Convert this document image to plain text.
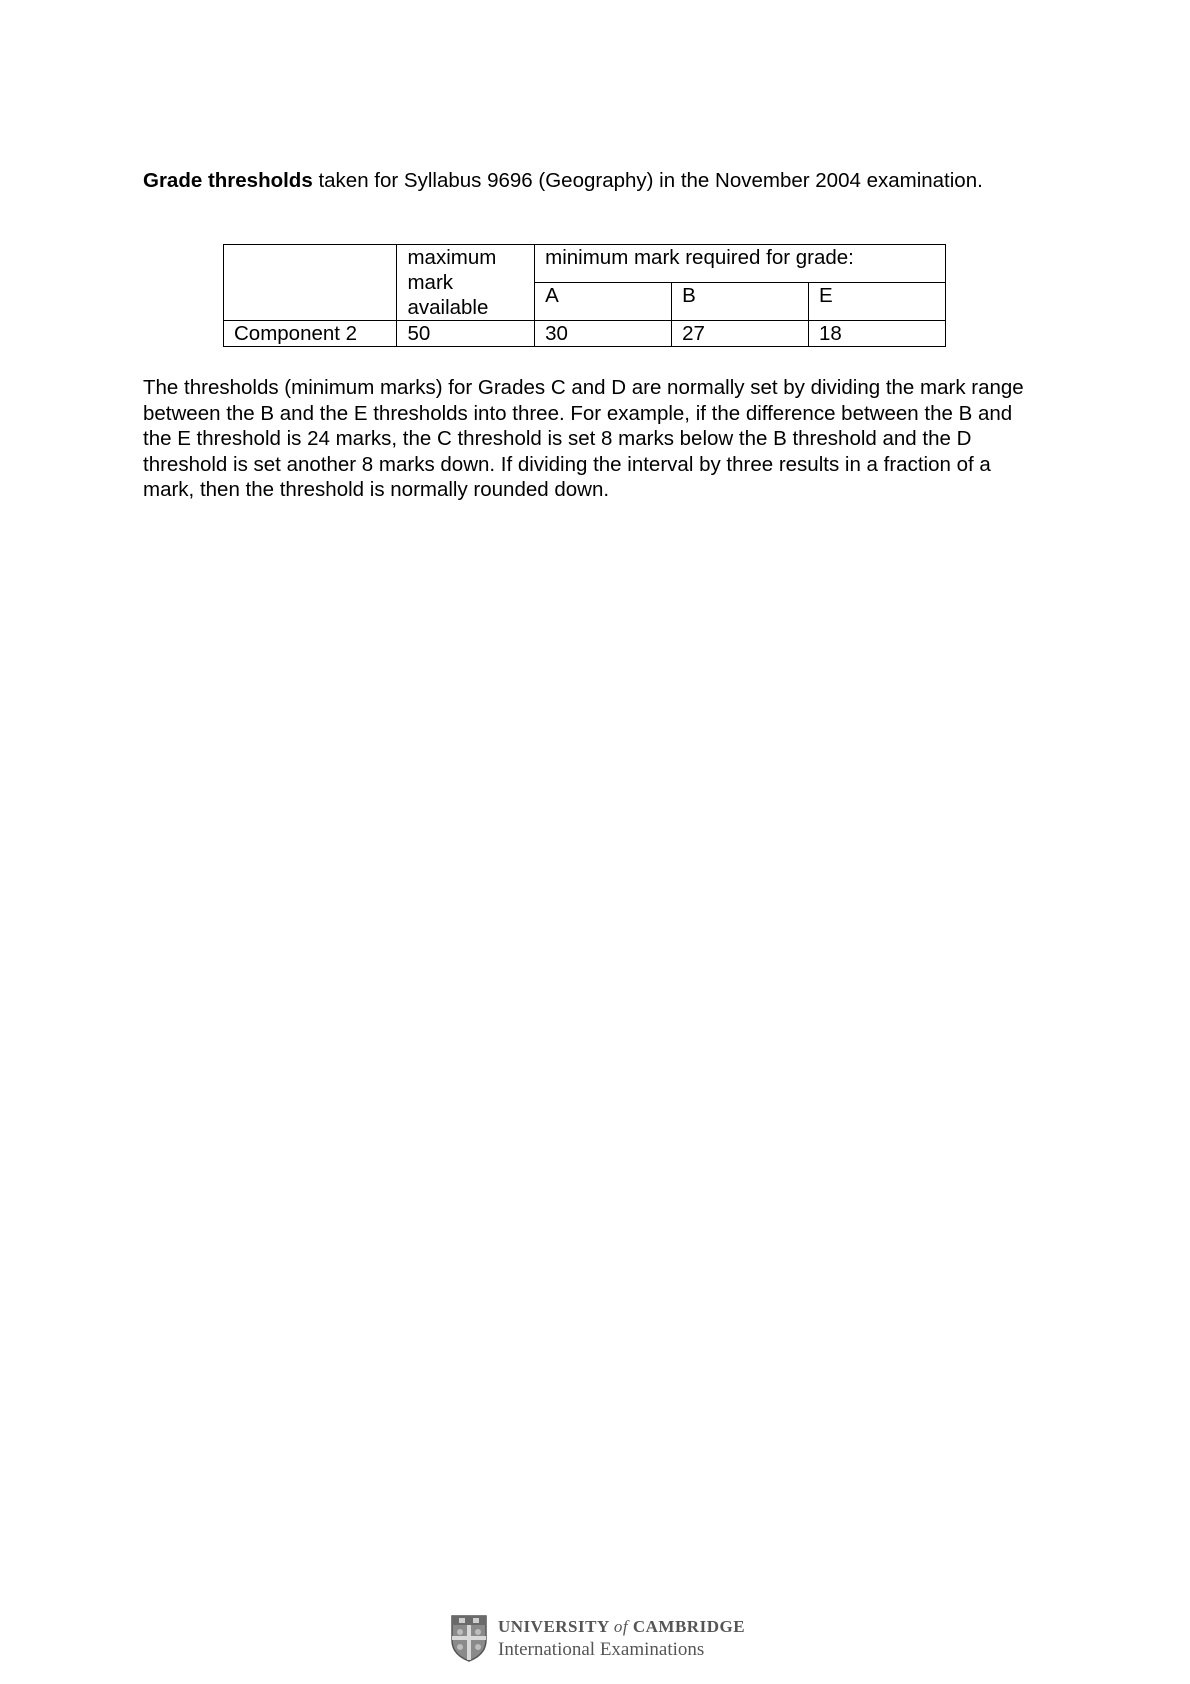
Grade thresholds taken for Syllabus 9696 (Geography) in the November 2004 examination.

	maximum mark available	minimum mark required for grade:		
		A	B	E
Component 2	50	30	27	18

The thresholds (minimum marks) for Grades C and D are normally set by dividing the mark range between the B and the E thresholds into three. For example, if the difference between the B and the E threshold is 24 marks, the C threshold is set 8 marks below the B threshold and the D threshold is set another 8 marks down. If dividing the interval by three results in a fraction of a mark, then the threshold is normally rounded down.

UNIVERSITY of CAMBRIDGE
International Examinations
